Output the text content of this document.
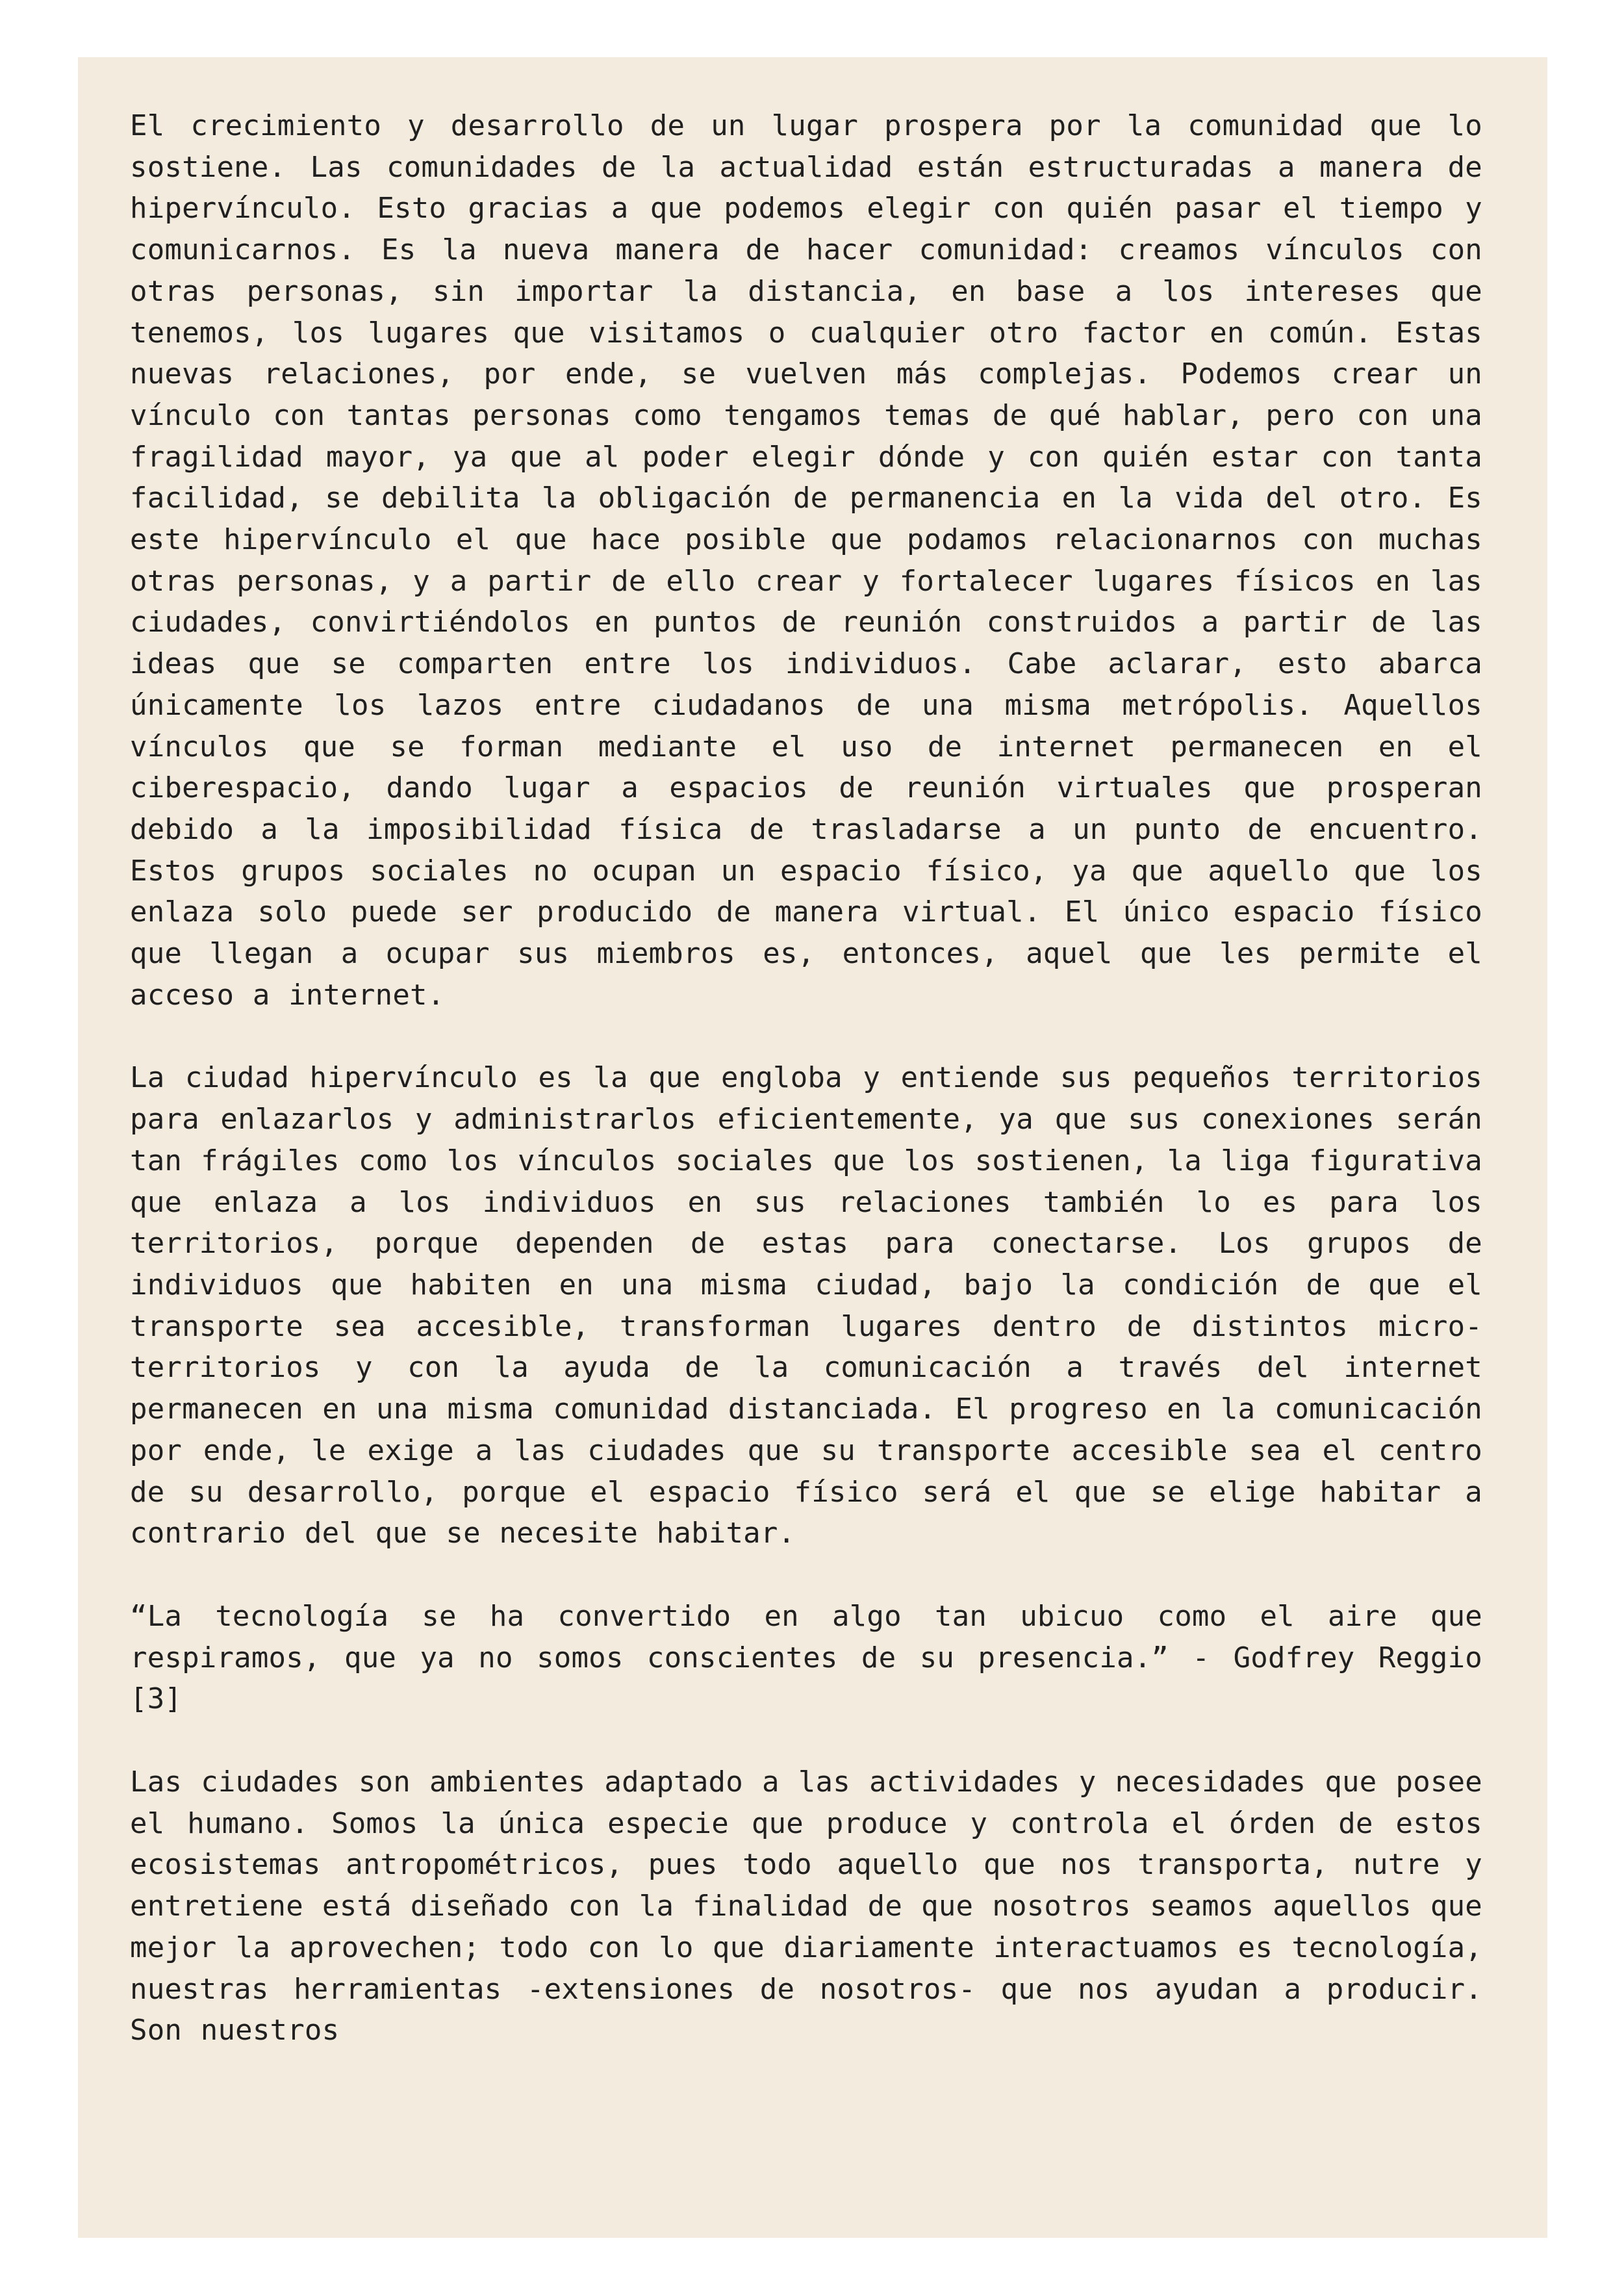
El crecimiento y desarrollo de un lugar prospera por la comunidad que lo sostiene. Las comunidades de la actualidad están estructuradas a manera de hipervínculo. Esto gracias a que podemos elegir con quién pasar el tiempo y comunicarnos. Es la nueva manera de hacer comunidad: creamos vínculos con otras personas, sin importar la distancia, en base a los intereses que tenemos, los lugares que visitamos o cualquier otro factor en común. Estas nuevas relaciones, por ende, se vuelven más complejas. Podemos crear un vínculo con tantas personas como tengamos temas de qué hablar, pero con una fragilidad mayor, ya que al poder elegir dónde y con quién estar con tanta facilidad, se debilita la obligación de permanencia en la vida del otro. Es este hipervínculo el que hace posible que podamos relacionarnos con muchas otras personas, y a partir de ello crear y fortalecer lugares físicos en las ciudades, convirtiéndolos en puntos de reunión construidos a partir de las ideas que se comparten entre los individuos. Cabe aclarar, esto abarca únicamente los lazos entre ciudadanos de una misma metrópolis. Aquellos vínculos que se forman mediante el uso de internet permanecen en el ciberespacio, dando lugar a espacios de reunión virtuales que prosperan debido a la imposibilidad física de trasladarse a un punto de encuentro. Estos grupos sociales no ocupan un espacio físico, ya que aquello que los enlaza solo puede ser producido de manera virtual. El único espacio físico que llegan a ocupar sus miembros es, entonces, aquel que les permite el acceso a internet.

La ciudad hipervínculo es la que engloba y entiende sus pequeños territorios para enlazarlos y administrarlos eficientemente, ya que sus conexiones serán tan frágiles como los vínculos sociales que los sostienen, la liga figurativa que enlaza a los individuos en sus relaciones también lo es para los territorios, porque dependen de estas para conectarse. Los grupos de individuos que habiten en una misma ciudad, bajo la condición de que el transporte sea accesible, transforman lugares dentro de distintos micro-territorios y con la ayuda de la comunicación a través del internet permanecen en una misma comunidad distanciada. El progreso en la comunicación por ende, le exige a las ciudades que su transporte accesible sea el centro de su desarrollo, porque el espacio físico será el que se elige habitar a contrario del que se necesite habitar.

“La tecnología se ha convertido en algo tan ubicuo como el aire que respiramos, que ya no somos conscientes de su presencia.” - Godfrey Reggio [3]

Las ciudades son ambientes adaptado a las actividades y necesidades que posee el humano. Somos la única especie que produce y controla el órden de estos ecosistemas antropométricos, pues todo aquello que nos transporta, nutre y entretiene está diseñado con la finalidad de que nosotros seamos aquellos que mejor la aprovechen; todo con lo que diariamente interactuamos es tecnología, nuestras herramientas -extensiones de nosotros- que nos ayudan a producir. Son nuestros
